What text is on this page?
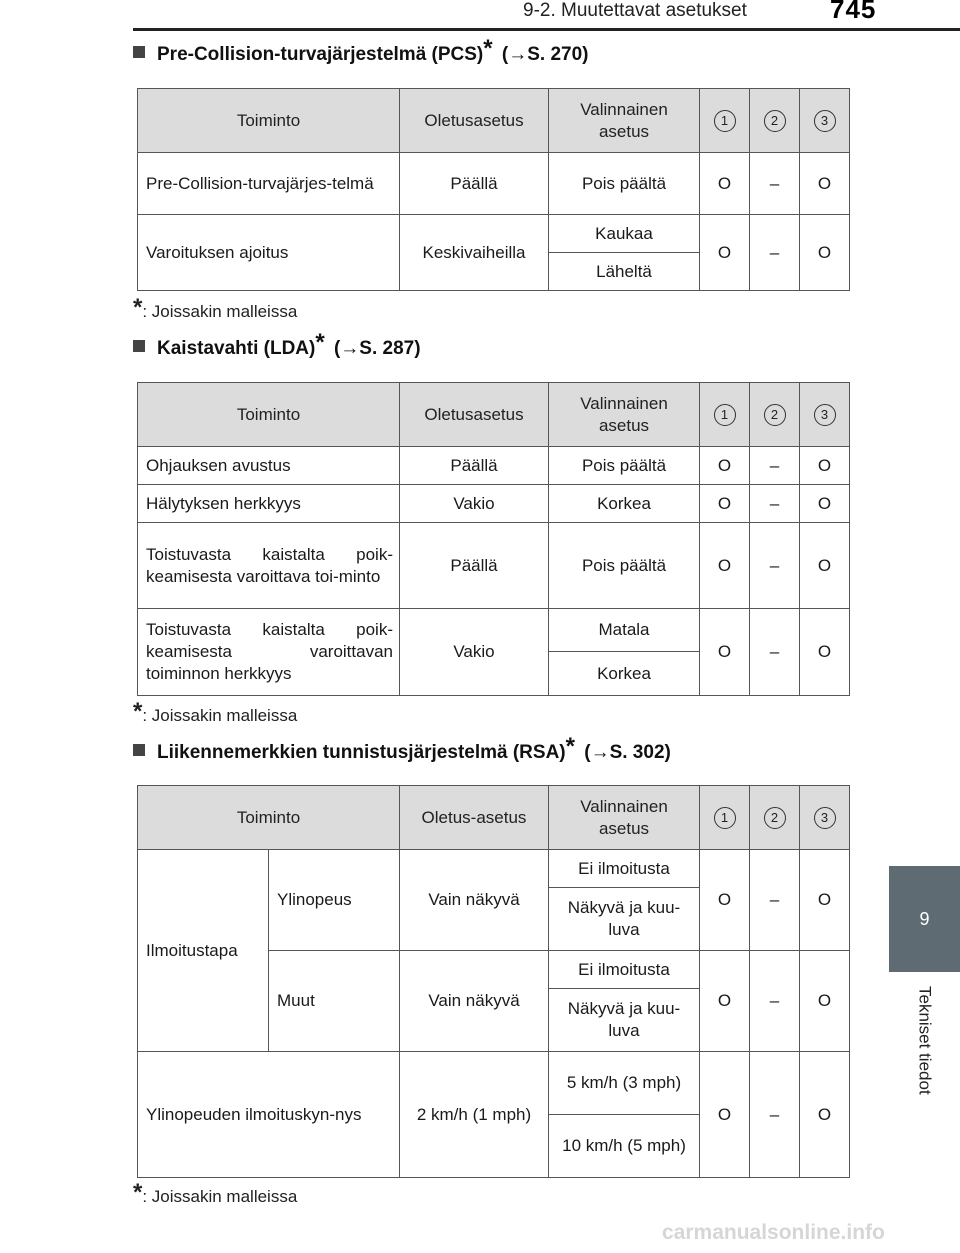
9-2. Muutettavat asetukset	745
9
Tekniset tiedot
Pre-Collision-turvajärjestelmä (PCS)* (→S. 270)
Toiminto	Oletusasetus	Valinnainen asetus	1	2	3
Pre-Collision-turvajärjes-telmä	Päällä	Pois päältä	O	–	O
Varoituksen ajoitus	Keskivaiheilla	Kaukaa	O	–	O
		Läheltä			
*: Joissakin malleissa
Kaistavahti (LDA)* (→S. 287)
Toiminto	Oletusasetus	Valinnainen asetus	1	2	3
Ohjauksen avustus	Päällä	Pois päältä	O	–	O
Hälytyksen herkkyys	Vakio	Korkea	O	–	O
Toistuvasta kaistalta poik-keamisesta varoittava toi-minto	Päällä	Pois päältä	O	–	O
Toistuvasta kaistalta poik-keamisesta varoittavan toiminnon herkkyys	Vakio	Matala	O	–	O
		Korkea			
*: Joissakin malleissa
Liikennemerkkien tunnistusjärjestelmä (RSA)* (→S. 302)
Toiminto		Oletus-asetus	Valinnainen asetus	1	2	3
Ilmoitustapa	Ylinopeus	Vain näkyvä	Ei ilmoitusta	O	–	O
			Näkyvä ja kuu-luva			
	Muut	Vain näkyvä	Ei ilmoitusta	O	–	O
			Näkyvä ja kuu-luva			
Ylinopeuden ilmoituskyn-nys		2 km/h (1 mph)	5 km/h (3 mph)	O	–	O
			10 km/h (5 mph)			
*: Joissakin malleissa
carmanualsonline.info
